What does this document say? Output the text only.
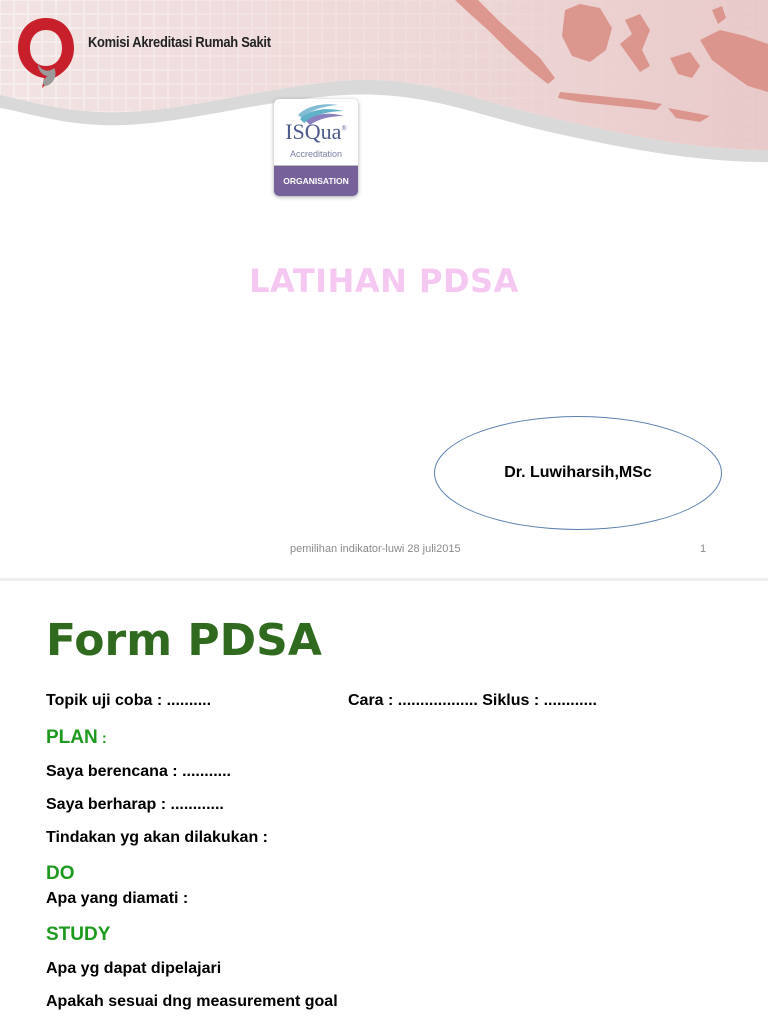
Komisi Akreditasi Rumah Sakit
ISQua®
Accreditation
ORGANISATION
LATIHAN PDSA
Dr. Luwiharsih,MSc
pemilihan indikator-luwi 28 juli2015	1
Form PDSA
Topik uji coba : ..........	Cara : .................. Siklus : ............
PLAN :
Saya berencana : ...........
Saya berharap : ............
Tindakan yg akan dilakukan :
DO
Apa yang diamati :
STUDY
Apa yg dapat dipelajari
Apakah sesuai dng measurement goal
